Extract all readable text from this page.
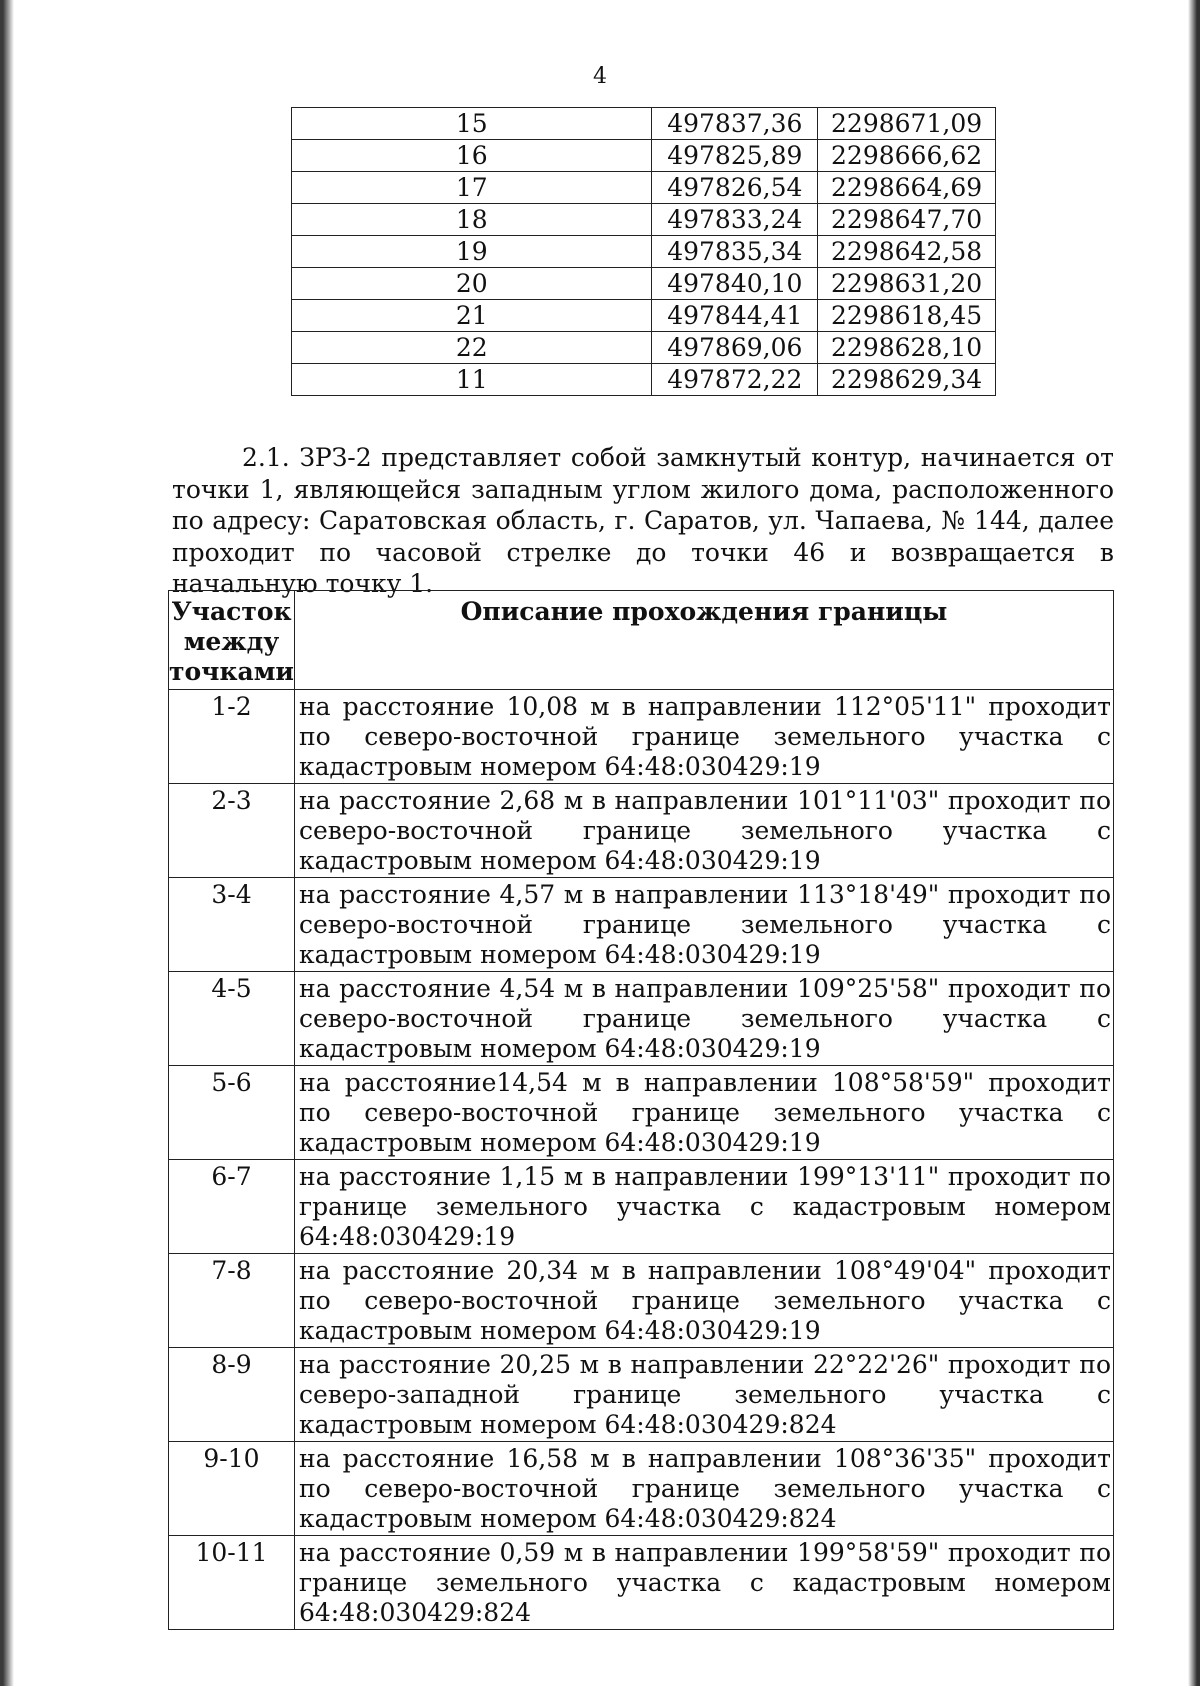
4
15	497837,36	2298671,09
16	497825,89	2298666,62
17	497826,54	2298664,69
18	497833,24	2298647,70
19	497835,34	2298642,58
20	497840,10	2298631,20
21	497844,41	2298618,45
22	497869,06	2298628,10
11	497872,22	2298629,34

2.1. ЗРЗ-2 представляет собой замкнутый контур, начинается от точки 1, являющейся западным углом жилого дома, расположенного по адресу: Саратовская область, г. Саратов, ул. Чапаева, № 144, далее проходит по часовой стрелке до точки 46 и возвращается в начальную точку 1.

Участок между точками	Описание прохождения границы
1-2	на расстояние 10,08 м в направлении 112°05'11" проходит по северо-восточной границе земельного участка с кадастровым номером 64:48:030429:19
2-3	на расстояние 2,68 м в направлении 101°11'03" проходит по северо-восточной границе земельного участка с кадастровым номером 64:48:030429:19
3-4	на расстояние 4,57 м в направлении 113°18'49" проходит по северо-восточной границе земельного участка с кадастровым номером 64:48:030429:19
4-5	на расстояние 4,54 м в направлении 109°25'58" проходит по северо-восточной границе земельного участка с кадастровым номером 64:48:030429:19
5-6	на расстояние14,54 м в направлении 108°58'59" проходит по северо-восточной границе земельного участка с кадастровым номером 64:48:030429:19
6-7	на расстояние 1,15 м в направлении 199°13'11" проходит по границе земельного участка с кадастровым номером 64:48:030429:19
7-8	на расстояние 20,34 м в направлении 108°49'04" проходит по северо-восточной границе земельного участка с кадастровым номером 64:48:030429:19
8-9	на расстояние 20,25 м в направлении 22°22'26" проходит по северо-западной границе земельного участка с кадастровым номером 64:48:030429:824
9-10	на расстояние 16,58 м в направлении 108°36'35" проходит по северо-восточной границе земельного участка с кадастровым номером 64:48:030429:824
10-11	на расстояние 0,59 м в направлении 199°58'59" проходит по границе земельного участка с кадастровым номером 64:48:030429:824
